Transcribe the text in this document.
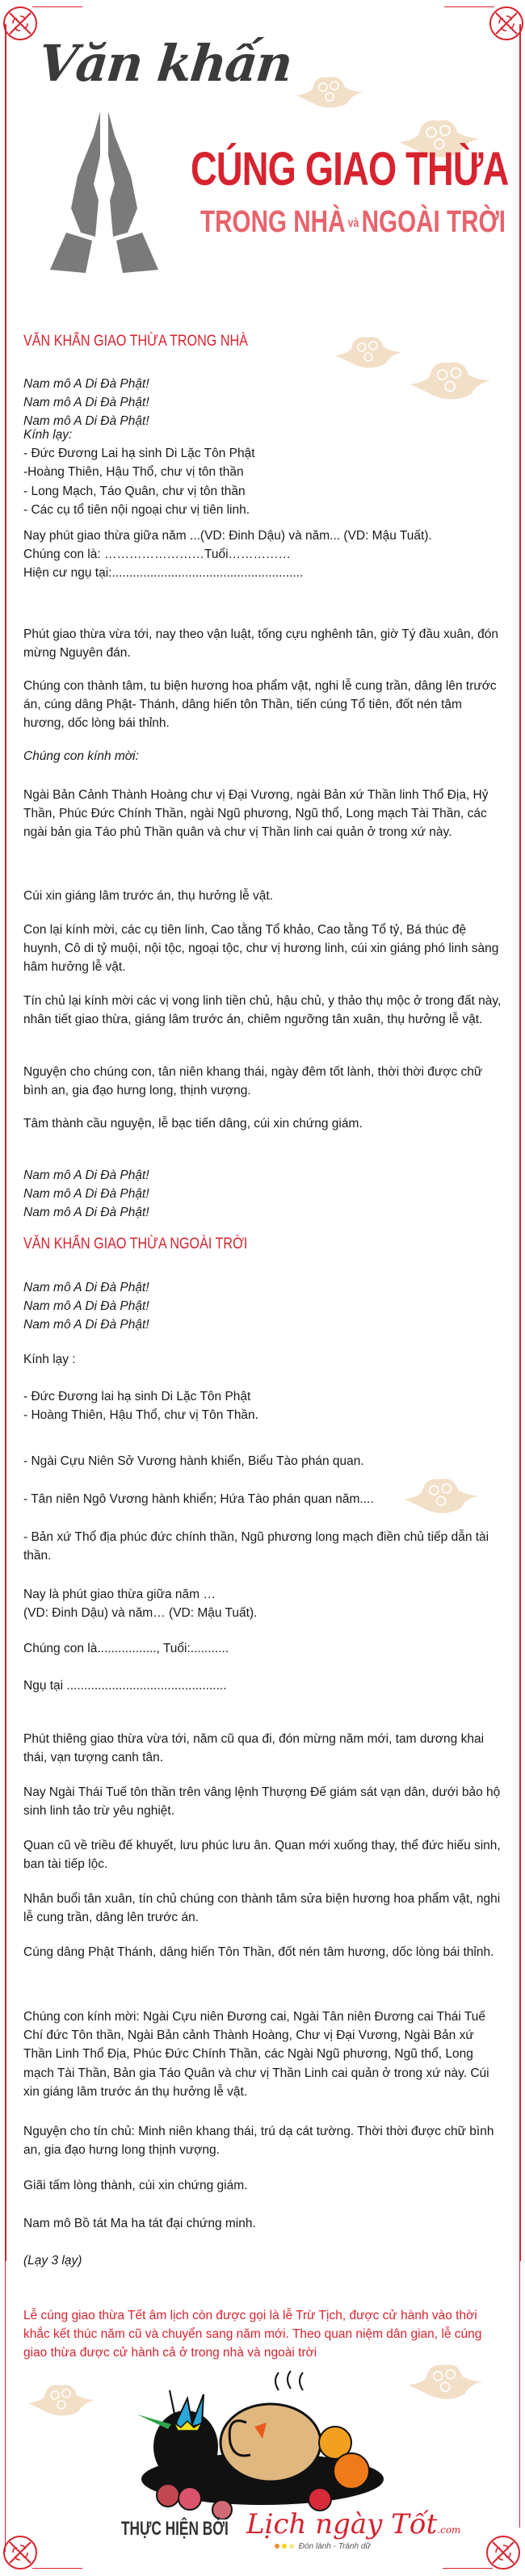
Văn khấn
CÚNG GIAO THỪA
TRONG NHÀ vàNGOÀI TRỜI
VĂN KHẤN GIAO THỪA TRONG NHÀ

Nam mô A Di Đà Phật!

Nam mô A Di Đà Phật!

Nam mô A Di Đà Phật!

Kính lạy:

- Đức Đương Lai hạ sinh Di Lặc Tôn Phật

-Hoàng Thiên, Hậu Thổ, chư vị tôn thần

- Long Mạch, Táo Quân, chư vị tôn thần

- Các cụ tổ tiên nội ngoại chư vị tiên linh.

Nay phút giao thừa giữa năm ...(VD: Đinh Dậu) và năm... (VD: Mậu Tuất).

Chúng con là: ……………………Tuổi……………

Hiện cư ngụ tại:.......................................................

Phút giao thừa vừa tới, nay theo vận luật, tống cựu nghênh tân, giờ Tý đầu xuân, đón mừng Nguyên đán.

Chúng con thành tâm, tu biện hương hoa phẩm vật, nghi lễ cung trần, dâng lên trước án, cúng dâng Phật- Thánh, dâng hiến tôn Thần, tiến cúng Tổ tiên, đốt nén tâm hương, dốc lòng bái thỉnh.

Chúng con kính mời:

Ngài Bản Cảnh Thành Hoàng chư vị Đại Vương, ngài Bản xứ Thần linh Thổ Địa, Hỷ Thần, Phúc Đức Chính Thần, ngài Ngũ phương, Ngũ thổ, Long mạch Tài Thần, các ngài bản gia Táo phủ Thần quân và chư vị Thần linh cai quản ở trong xứ này.

Cúi xin giáng lâm trước án, thụ hưởng lễ vật.

Con lại kính mời, các cụ tiên linh, Cao tằng Tổ khảo, Cao tằng Tổ tỷ, Bá thúc đệ huynh, Cô di tỷ muội, nội tộc, ngoại tộc, chư vị hương linh, cúi xin giáng phó linh sàng hâm hưởng lễ vật.

Tín chủ lại kính mời các vị vong linh tiền chủ, hậu chủ, y thảo thụ mộc ở trong đất này, nhân tiết giao thừa, giáng lâm trước án, chiêm ngưỡng tân xuân, thụ hưởng lễ vật.

Nguyện cho chúng con, tân niên khang thái, ngày đêm tốt lành, thời thời được chữ bình an, gia đạo hưng long, thịnh vượng.

Tâm thành cầu nguyện, lễ bạc tiến dâng, cúi xin chứng giám.

Nam mô A Di Đà Phật!

Nam mô A Di Đà Phật!

Nam mô A Di Đà Phật!

VĂN KHẤN GIAO THỪA NGOÀI TRỜI

Nam mô A Di Đà Phật!

Nam mô A Di Đà Phật!

Nam mô A Di Đà Phật!

Kính lạy :

- Đức Đương lai hạ sinh Di Lặc Tôn Phật

- Hoàng Thiên, Hậu Thổ, chư vị Tôn Thần.

- Ngài Cựu Niên Sở Vương hành khiển, Biểu Tào phán quan.

- Tân niên Ngô Vương hành khiển; Hứa Tào phán quan năm....

- Bản xứ Thổ địa phúc đức chính thần, Ngũ phương long mạch điền chủ tiếp dẫn tài thần.

Nay là phút giao thừa giữa năm …

(VD: Đinh Dậu) và năm… (VD: Mậu Tuất).

Chúng con là................., Tuổi:...........

Ngụ tại ..............................................

Phút thiêng giao thừa vừa tới, năm cũ qua đi, đón mừng năm mới, tam dương khai thái, vạn tượng canh tân.

Nay Ngài Thái Tuế tôn thần trên vâng lệnh Thượng Đế giám sát vạn dân, dưới bảo hộ sinh linh tảo trừ yêu nghiệt.

Quan cũ về triều đế khuyết, lưu phúc lưu ân. Quan mới xuống thay, thể đức hiếu sinh, ban tài tiếp lộc.

Nhân buổi tân xuân, tín chủ chúng con thành tâm sửa biện hương hoa phẩm vật, nghi lễ cung trần, dâng lên trước án.

Cúng dâng Phật Thánh, dâng hiến Tôn Thần, đốt nén tâm hương, dốc lòng bái thỉnh.

Chúng con kính mời: Ngài Cựu niên Đương cai, Ngài Tân niên Đương cai Thái Tuế Chí đức Tôn thần, Ngài Bản cảnh Thành Hoàng, Chư vị Đại Vương, Ngài Bản xứ Thần Linh Thổ Địa, Phúc Đức Chính Thần, các Ngài Ngũ phương, Ngũ thổ, Long mạch Tài Thần, Bản gia Táo Quân và chư vị Thần Linh cai quản ở trong xứ này. Cúi xin giáng lâm trước án thụ hưởng lễ vật.

Nguyện cho tín chủ: Minh niên khang thái, trú dạ cát tường. Thời thời được chữ bình an, gia đạo hưng long thịnh vượng.

Giãi tấm lòng thành, cúi xin chứng giám.

Nam mô Bồ tát Ma ha tát đại chứng minh.

(Lạy 3 lạy)

Lễ cúng giao thừa Tết âm lịch còn được gọi là lễ Trừ Tịch, được cử hành vào thời khắc kết thúc năm cũ và chuyển sang năm mới. Theo quan niệm dân gian, lễ cúng giao thừa được cử hành cả ở trong nhà và ngoài trời

THỰC HIỆN BỞI Lịch ngày Tốt.com
Đón lành - Tránh dữ
